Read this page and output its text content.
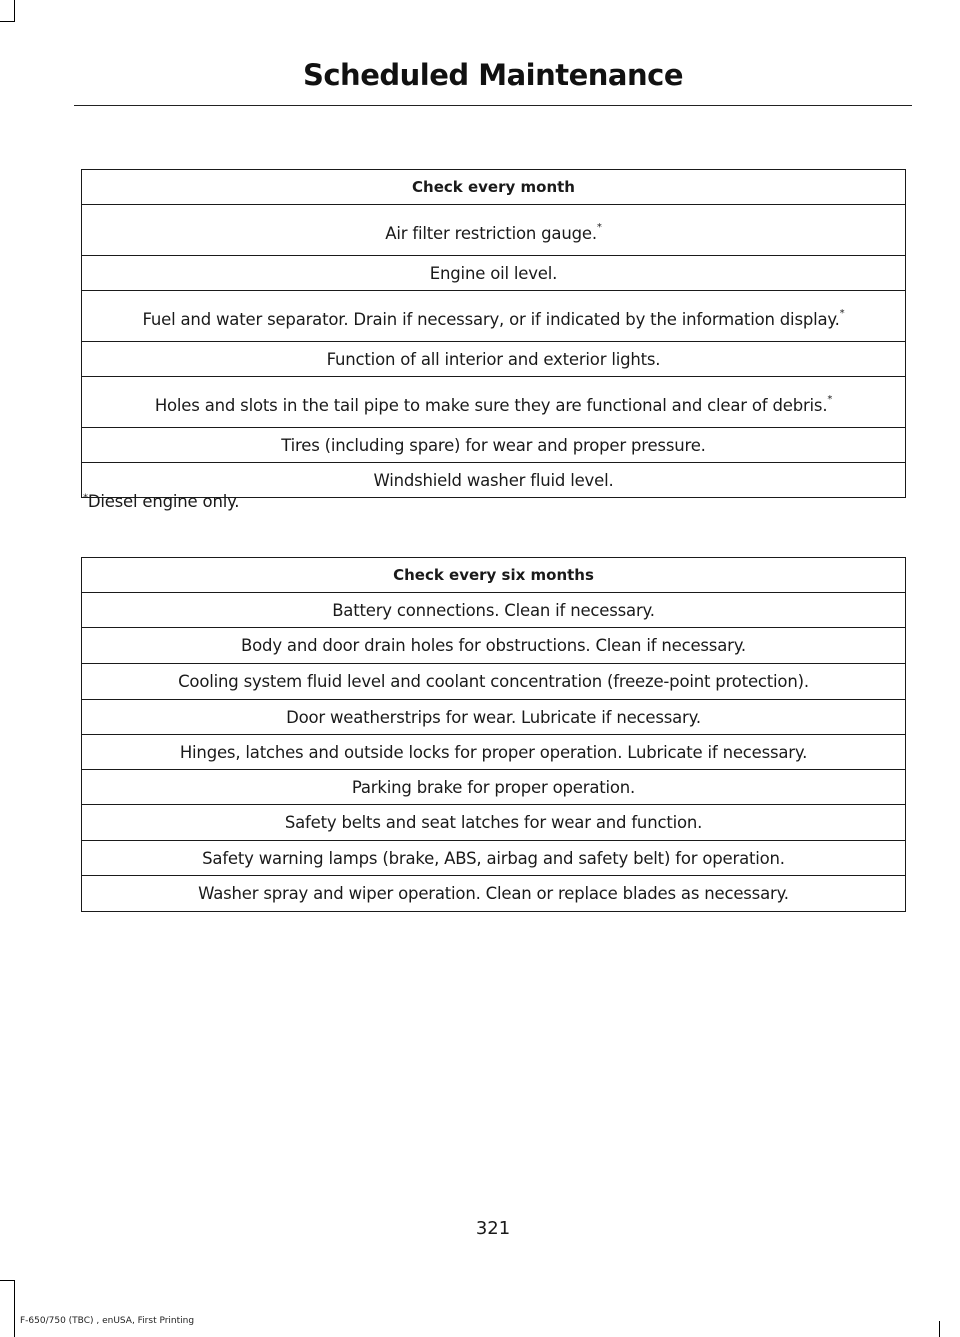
Scheduled Maintenance
Check every month
Air filter restriction gauge.*
Engine oil level.
Fuel and water separator. Drain if necessary, or if indicated by the information display.*
Function of all interior and exterior lights.
Holes and slots in the tail pipe to make sure they are functional and clear of debris.*
Tires (including spare) for wear and proper pressure.
Windshield washer fluid level.
*Diesel engine only.
Check every six months
Battery connections. Clean if necessary.
Body and door drain holes for obstructions. Clean if necessary.
Cooling system fluid level and coolant concentration (freeze-point protection).
Door weatherstrips for wear. Lubricate if necessary.
Hinges, latches and outside locks for proper operation. Lubricate if necessary.
Parking brake for proper operation.
Safety belts and seat latches for wear and function.
Safety warning lamps (brake, ABS, airbag and safety belt) for operation.
Washer spray and wiper operation. Clean or replace blades as necessary.
321
F-650/750 (TBC) , enUSA, First Printing
